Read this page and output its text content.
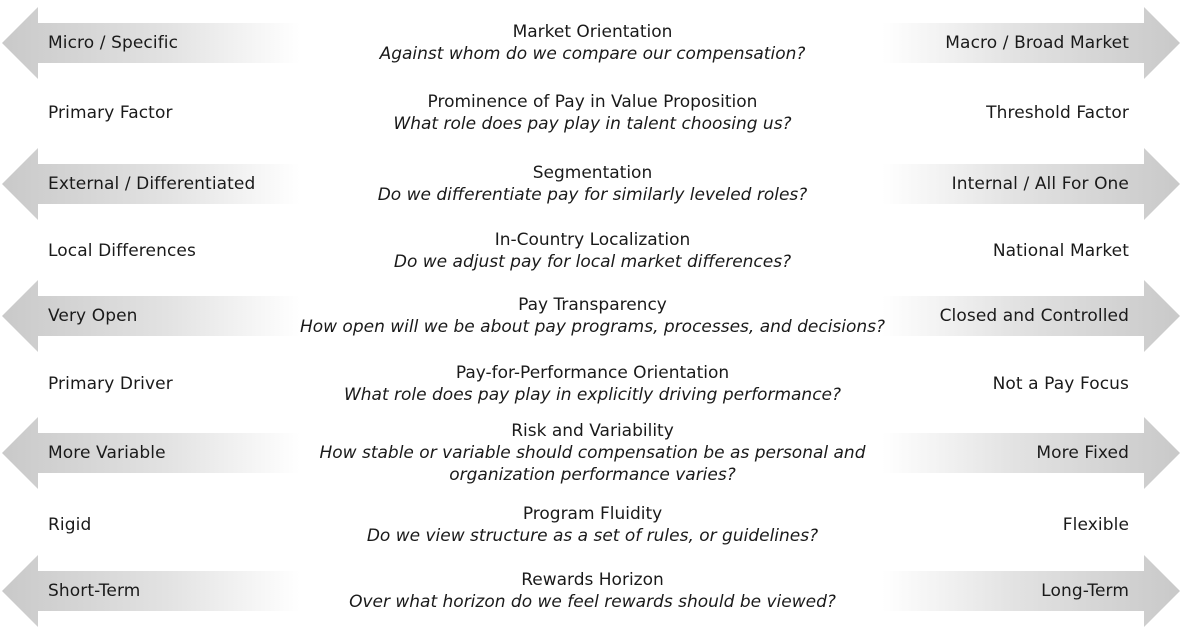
Micro / Specific
Market Orientation
Against whom do we compare our compensation?
Macro / Broad Market
Primary Factor
Prominence of Pay in Value Proposition
What role does pay play in talent choosing us?
Threshold Factor
External / Differentiated
Segmentation
Do we differentiate pay for similarly leveled roles?
Internal / All For One
Local Differences
In-Country Localization
Do we adjust pay for local market differences?
National Market
Very Open
Pay Transparency
How open will we be about pay programs, processes, and decisions?
Closed and Controlled
Primary Driver
Pay-for-Performance Orientation
What role does pay play in explicitly driving performance?
Not a Pay Focus
More Variable
Risk and Variability
How stable or variable should compensation be as personal and organization performance varies?
More Fixed
Rigid
Program Fluidity
Do we view structure as a set of rules, or guidelines?
Flexible
Short-Term
Rewards Horizon
Over what horizon do we feel rewards should be viewed?
Long-Term
